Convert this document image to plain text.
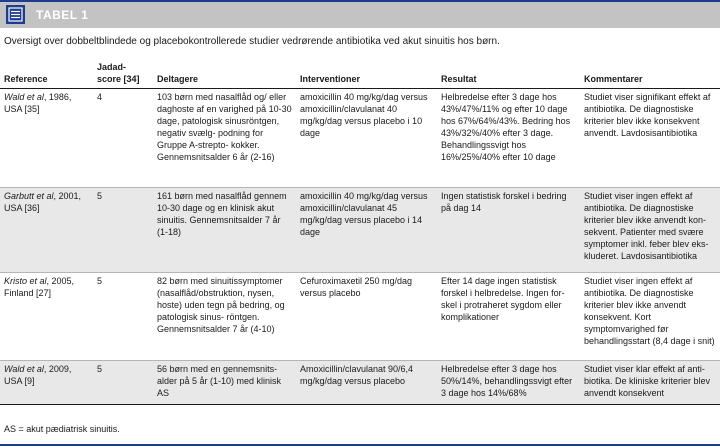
TABEL 1
Oversigt over dobbeltblindede og placebokontrollerede studier vedrørende antibiotika ved akut sinuitis hos børn.
Reference	Jadad-score [34]	Deltagere	Interventioner	Resultat	Kommentarer
Wald et al, 1986, USA [35]	4	103 børn med nasalflåd og/ eller daghoste af en varighed på 10-30 dage, patologisk sinusröntgen, negativ svælg- podning for Gruppe A-strepto- kokker. Gennemsnitsalder 6 år (2-16)	amoxicillin 40 mg/kg/dag versus amoxicillin/clavulanat 40 mg/kg/dag versus placebo i 10 dage	Helbredelse efter 3 dage hos 43%/47%/11% og efter 10 dage hos 67%/64%/43%. Bedring hos 43%/32%/40% efter 3 dage. Behandlingssvigt hos 16%/25%/40% efter 10 dage	Studiet viser signifikant effekt af antibiotika. De diagnostiske kriterier blev ikke konsekvent anvendt. Lavdosisantibiotika
Garbutt et al, 2001, USA [36]	5	161 børn med nasalflåd gennem 10-30 dage og en klinisk akut sinuitis. Gennemsnitsalder 7 år (1-18)	amoxicillin 40 mg/kg/dag versus amoxicillin/clavulanat 45 mg/kg/dag versus placebo i 14 dage	Ingen statistisk forskel i bedring på dag 14	Studiet viser ingen effekt af antibiotika. De diagnostiske kriterier blev ikke anvendt kon- sekvent. Patienter med svære symptomer inkl. feber blev eks- kluderet. Lavdosisantibiotika
Kristo et al, 2005, Finland [27]	5	82 børn med sinuitissymptomer (nasalflåd/obstruktion, nysen, hoste) uden tegn på bedring, og patologisk sinus- röntgen. Gennemsnitsalder 7 år (4-10)	Cefuroximaxetil 250 mg/dag versus placebo	Efter 14 dage ingen statistisk forskel i helbredelse. Ingen for- skel i protraheret sygdom eller komplikationer	Studiet viser ingen effekt af antibiotika. De diagnostiske kriterier blev ikke anvendt konsekvent. Kort symptomvarighed før behandlingsstart (8,4 dage i snit)
Wald et al, 2009, USA [9]	5	56 børn med en gennemsnits- alder på 5 år (1-10) med klinisk AS	Amoxicillin/clavulanat 90/6,4 mg/kg/dag versus placebo	Helbredelse efter 3 dage hos 50%/14%, behandlingssvigt efter 3 dage hos 14%/68%	Studiet viser klar effekt af anti- biotika. De kliniske kriterier blev anvendt konsekvent
AS = akut pædiatrisk sinuitis.
